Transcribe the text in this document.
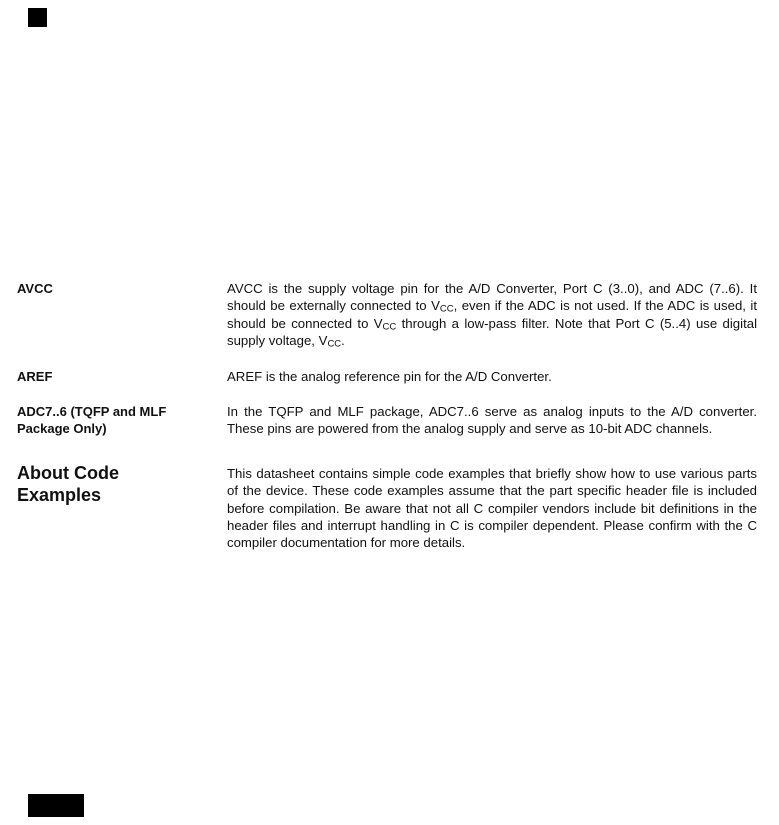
AVCC	AVCC is the supply voltage pin for the A/D Converter, Port C (3..0), and ADC (7..6). It should be externally connected to $V_{CC}$, even if the ADC is not used. If the ADC is used, it should be connected to $V_{CC}$ through a low-pass filter. Note that Port C (5..4) use digital supply voltage, $V_{CC}$.

AREF	AREF is the analog reference pin for the A/D Converter.

ADC7..6 (TQFP and MLF Package Only)

In the TQFP and MLF package, ADC7..6 serve as analog inputs to the A/D converter. These pins are powered from the analog supply and serve as 10-bit ADC channels.

About Code Examples

This datasheet contains simple code examples that briefly show how to use various parts of the device. These code examples assume that the part specific header file is included before compilation. Be aware that not all C compiler vendors include bit definitions in the header files and interrupt handling in C is compiler dependent. Please confirm with the C compiler documentation for more details.
